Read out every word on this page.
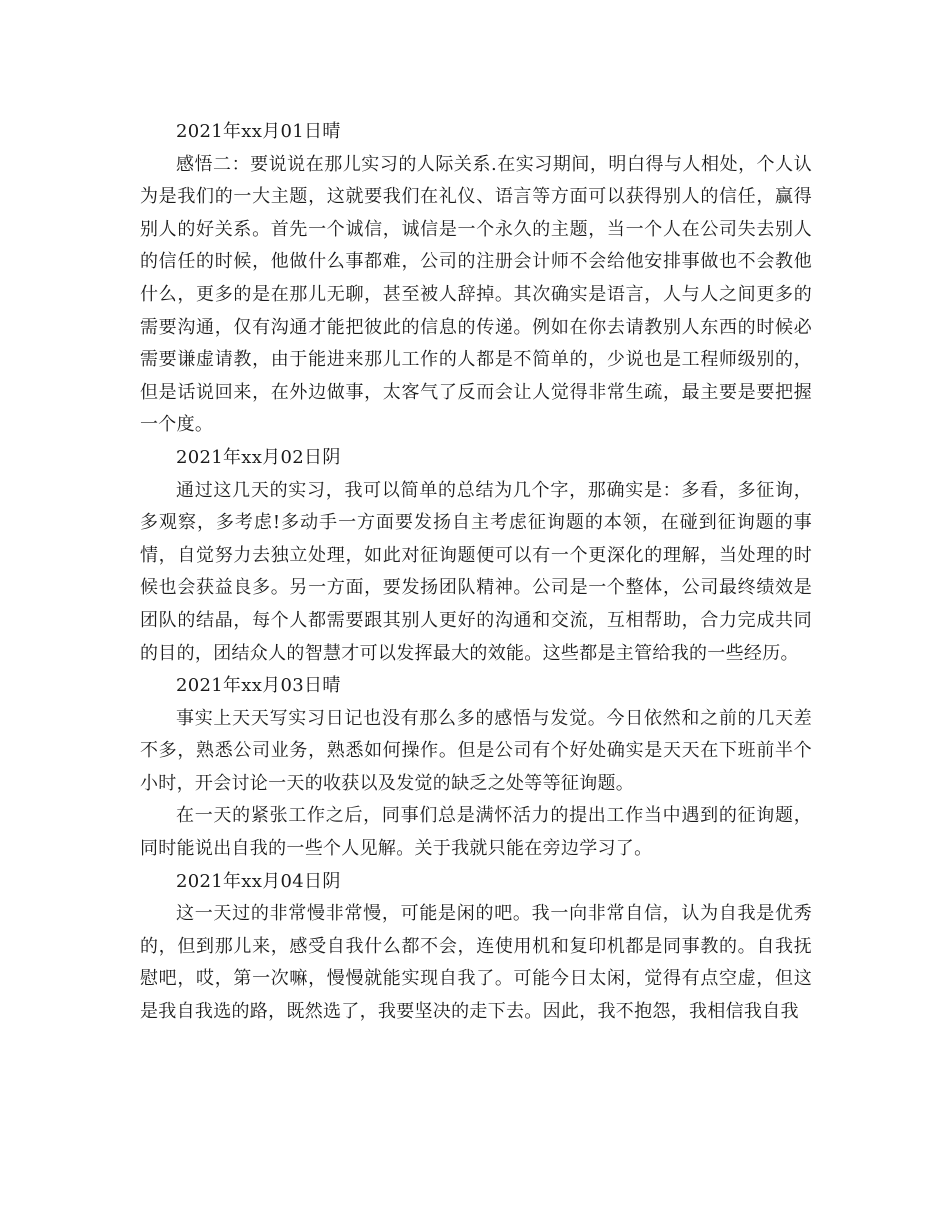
2021年xx月01日晴

感悟二：要说说在那儿实习的人际关系.在实习期间，明白得与人相处，个人认为是我们的一大主题，这就要我们在礼仪、语言等方面可以获得别人的信任，赢得别人的好关系。首先一个诚信，诚信是一个永久的主题，当一个人在公司失去别人的信任的时候，他做什么事都难，公司的注册会计师不会给他安排事做也不会教他什么，更多的是在那儿无聊，甚至被人辞掉。其次确实是语言，人与人之间更多的需要沟通，仅有沟通才能把彼此的信息的传递。例如在你去请教别人东西的时候必需要谦虚请教，由于能进来那儿工作的人都是不简单的，少说也是工程师级别的，但是话说回来，在外边做事，太客气了反而会让人觉得非常生疏，最主要是要把握一个度。

2021年xx月02日阴

通过这几天的实习，我可以简单的总结为几个字，那确实是：多看，多征询，多观察，多考虑!多动手一方面要发扬自主考虑征询题的本领，在碰到征询题的事情，自觉努力去独立处理，如此对征询题便可以有一个更深化的理解，当处理的时候也会获益良多。另一方面，要发扬团队精神。公司是一个整体，公司最终绩效是团队的结晶，每个人都需要跟其别人更好的沟通和交流，互相帮助，合力完成共同的目的，团结众人的智慧才可以发挥最大的效能。这些都是主管给我的一些经历。

2021年xx月03日晴

事实上天天写实习日记也没有那么多的感悟与发觉。今日依然和之前的几天差不多，熟悉公司业务，熟悉如何操作。但是公司有个好处确实是天天在下班前半个小时，开会讨论一天的收获以及发觉的缺乏之处等等征询题。

在一天的紧张工作之后，同事们总是满怀活力的提出工作当中遇到的征询题，同时能说出自我的一些个人见解。关于我就只能在旁边学习了。

2021年xx月04日阴

这一天过的非常慢非常慢，可能是闲的吧。我一向非常自信，认为自我是优秀的，但到那儿来，感受自我什么都不会，连使用机和复印机都是同事教的。自我抚慰吧，哎，第一次嘛，慢慢就能实现自我了。可能今日太闲，觉得有点空虚，但这是我自我选的路，既然选了，我要坚决的走下去。因此，我不抱怨，我相信我自我
